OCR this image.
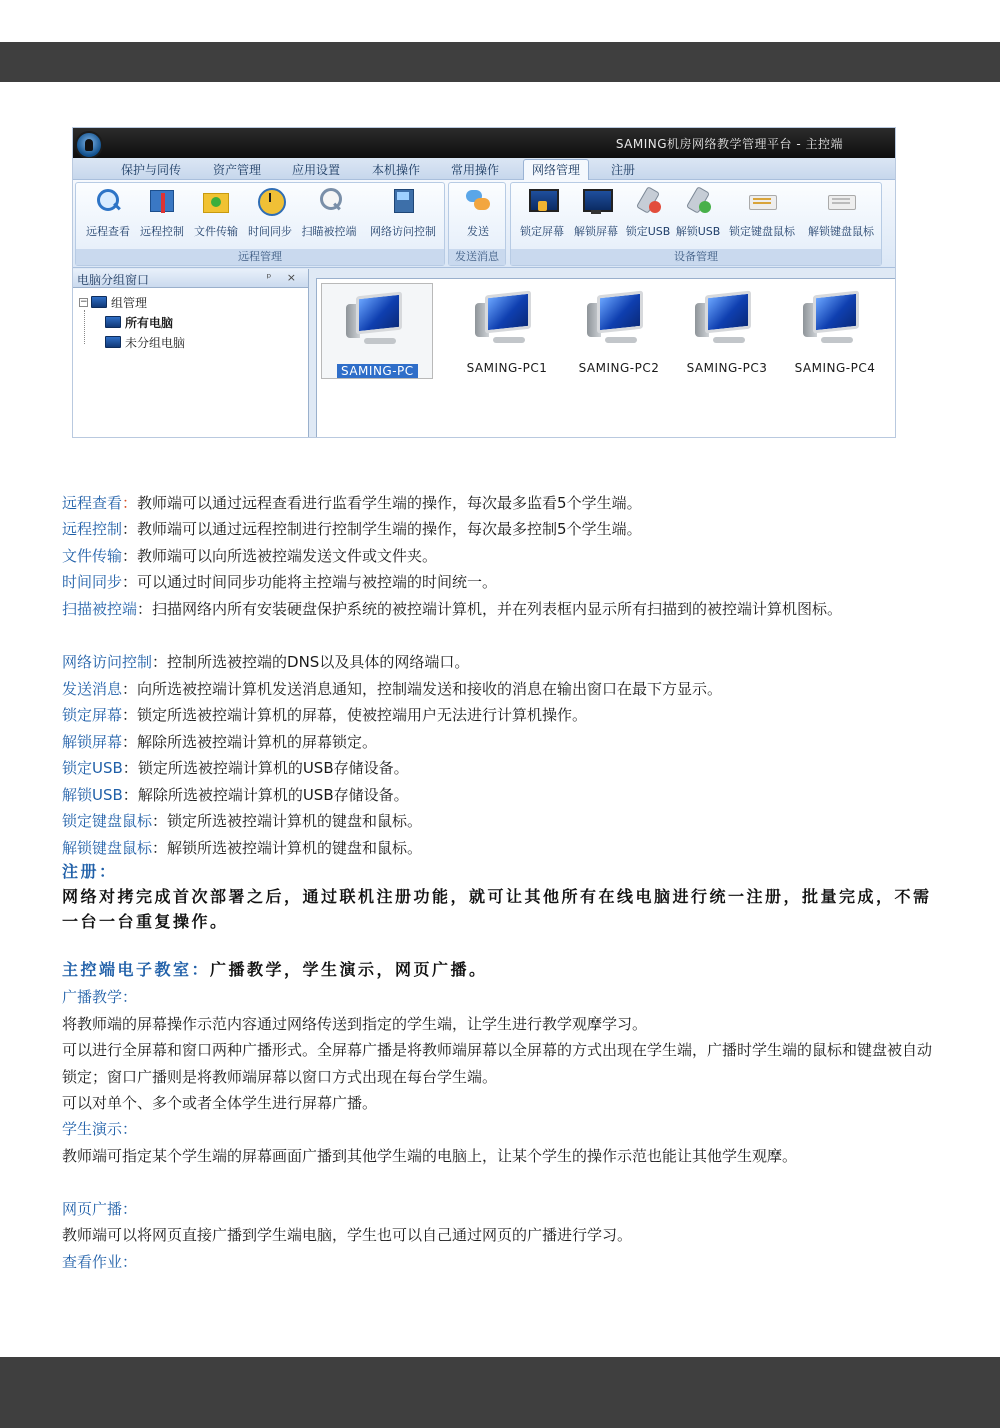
SAMING机房网络教学管理平台 - 主控端
保护与同传	资产管理	应用设置	本机操作	常用操作	网络管理	注册
远程查看 远程控制 文件传输 时间同步 扫瞄被控端	网络访问控制
远程管理
发送
发送消息
锁定屏幕 解锁屏幕 锁定USB 解锁USB 锁定键盘鼠标	解锁键盘鼠标
设备管理
电脑分组窗口	ᵖ ×
− 组管理
所有电脑
未分组电脑
SAMING-PC	SAMING-PC1	SAMING-PC2	SAMING-PC3	SAMING-PC4
远程查看：教师端可以通过远程查看进行监看学生端的操作，每次最多监看5个学生端。
远程控制：教师端可以通过远程控制进行控制学生端的操作，每次最多控制5个学生端。
文件传输：教师端可以向所选被控端发送文件或文件夹。
时间同步：可以通过时间同步功能将主控端与被控端的时间统一。
扫描被控端：扫描网络内所有安装硬盘保护系统的被控端计算机，并在列表框内显示所有扫描到的被控端计算机图标。
网络访问控制：控制所选被控端的DNS以及具体的网络端口。
发送消息：向所选被控端计算机发送消息通知，控制端发送和接收的消息在输出窗口在最下方显示。
锁定屏幕：锁定所选被控端计算机的屏幕，使被控端用户无法进行计算机操作。
解锁屏幕：解除所选被控端计算机的屏幕锁定。
锁定USB：锁定所选被控端计算机的USB存储设备。
解锁USB：解除所选被控端计算机的USB存储设备。
锁定键盘鼠标：锁定所选被控端计算机的键盘和鼠标。
解锁键盘鼠标：解锁所选被控端计算机的键盘和鼠标。
注册：
网络对拷完成首次部署之后，通过联机注册功能，就可让其他所有在线电脑进行统一注册，批量完成，不需一台一台重复操作。
主控端电子教室：广播教学，学生演示，网页广播。
广播教学：
将教师端的屏幕操作示范内容通过网络传送到指定的学生端，让学生进行教学观摩学习。
可以进行全屏幕和窗口两种广播形式。全屏幕广播是将教师端屏幕以全屏幕的方式出现在学生端，广播时学生端的鼠标和键盘被自动锁定；窗口广播则是将教师端屏幕以窗口方式出现在每台学生端。
可以对单个、多个或者全体学生进行屏幕广播。
学生演示：
教师端可指定某个学生端的屏幕画面广播到其他学生端的电脑上，让某个学生的操作示范也能让其他学生观摩。
网页广播：
教师端可以将网页直接广播到学生端电脑，学生也可以自己通过网页的广播进行学习。
查看作业：
